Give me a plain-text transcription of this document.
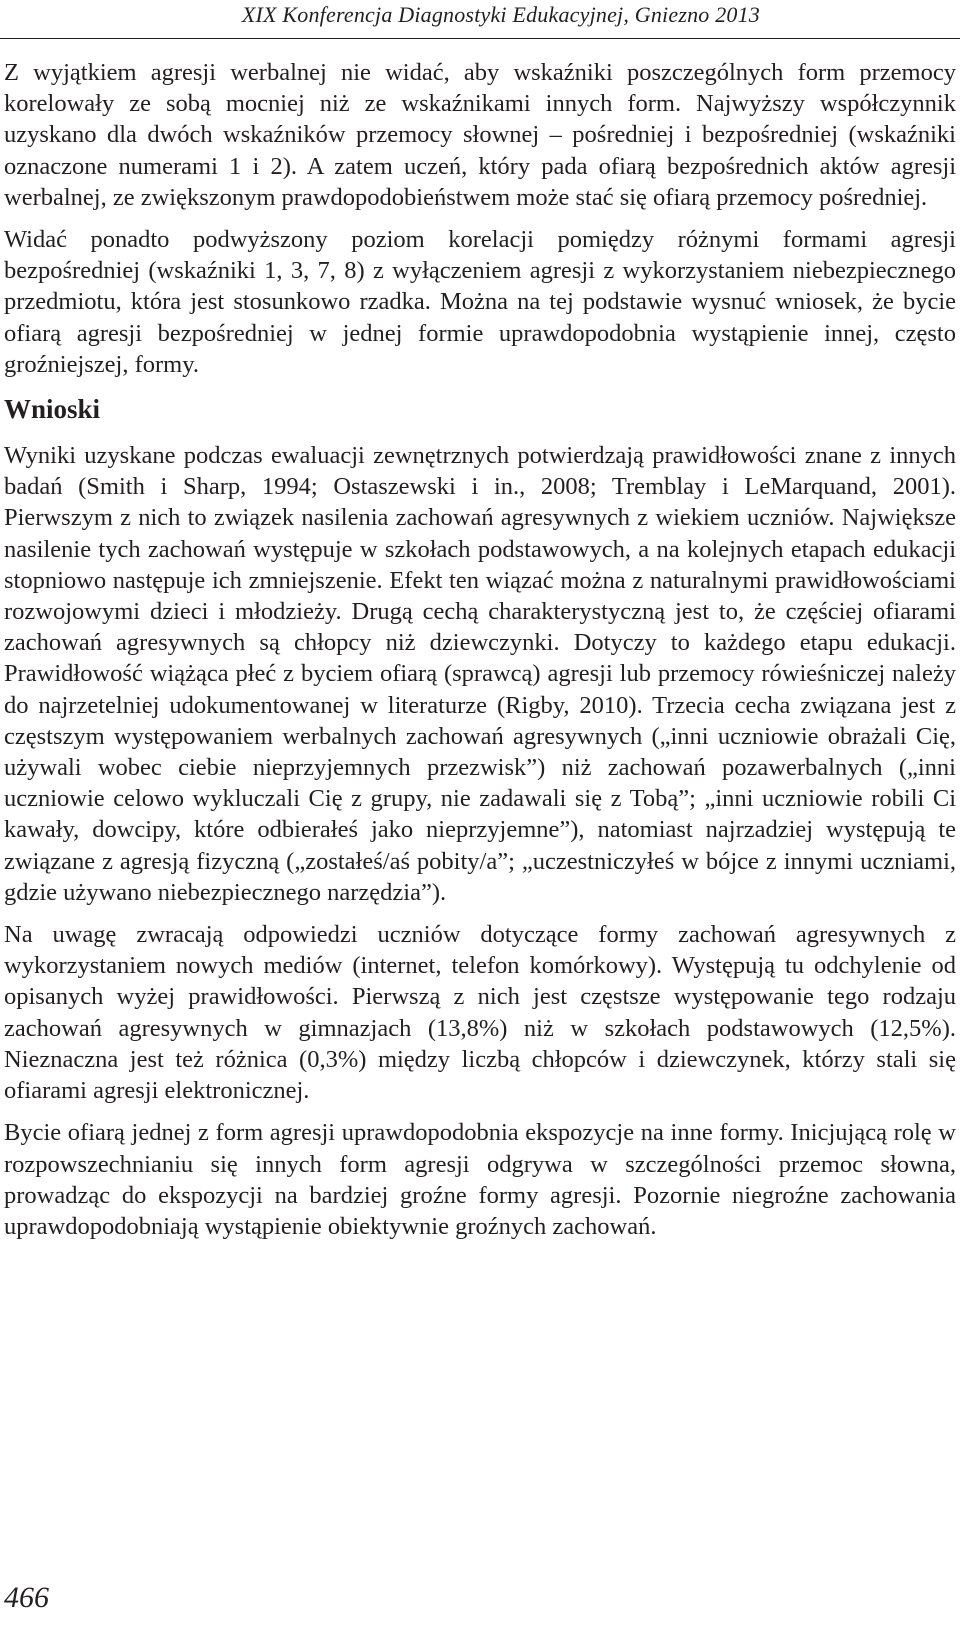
XIX Konferencja Diagnostyki Edukacyjnej, Gniezno 2013

Z wyjątkiem agresji werbalnej nie widać, aby wskaźniki poszczególnych form przemocy korelowały ze sobą mocniej niż ze wskaźnikami innych form. Najwyższy współczynnik uzyskano dla dwóch wskaźników przemocy słownej – pośredniej i bezpośredniej (wskaźniki oznaczone numerami 1 i 2). A zatem uczeń, który pada ofiarą bezpośrednich aktów agresji werbalnej, ze zwiększonym prawdopodobieństwem może stać się ofiarą przemocy pośredniej.

Widać ponadto podwyższony poziom korelacji pomiędzy różnymi formami agresji bezpośredniej (wskaźniki 1, 3, 7, 8) z wyłączeniem agresji z wykorzystaniem niebezpiecznego przedmiotu, która jest stosunkowo rzadka. Można na tej podstawie wysnuć wniosek, że bycie ofiarą agresji bezpośredniej w jednej formie uprawdopodobnia wystąpienie innej, często groźniejszej, formy.

Wnioski

Wyniki uzyskane podczas ewaluacji zewnętrznych potwierdzają prawidłowości znane z innych badań (Smith i Sharp, 1994; Ostaszewski i in., 2008; Tremblay i LeMarquand, 2001). Pierwszym z nich to związek nasilenia zachowań agresywnych z wiekiem uczniów. Największe nasilenie tych zachowań występuje w szkołach podstawowych, a na kolejnych etapach edukacji stopniowo następuje ich zmniejszenie. Efekt ten wiązać można z naturalnymi prawidłowościami rozwojowymi dzieci i młodzieży. Drugą cechą charakterystyczną jest to, że częściej ofiarami zachowań agresywnych są chłopcy niż dziewczynki. Dotyczy to każdego etapu edukacji. Prawidłowość wiążąca płeć z byciem ofiarą (sprawcą) agresji lub przemocy rówieśniczej należy do najrzetelniej udokumentowanej w literaturze (Rigby, 2010). Trzecia cecha związana jest z częstszym występowaniem werbalnych zachowań agresywnych („inni uczniowie obrażali Cię, używali wobec ciebie nieprzyjemnych przezwisk”) niż zachowań pozawerbalnych („inni uczniowie celowo wykluczali Cię z grupy, nie zadawali się z Tobą”; „inni uczniowie robili Ci kawały, dowcipy, które odbierałeś jako nieprzyjemne”), natomiast najrzadziej występują te związane z agresją fizyczną („zostałeś/aś pobity/a”; „uczestniczyłeś w bójce z innymi uczniami, gdzie używano niebezpiecznego narzędzia”).

Na uwagę zwracają odpowiedzi uczniów dotyczące formy zachowań agresywnych z wykorzystaniem nowych mediów (internet, telefon komórkowy). Występują tu odchylenie od opisanych wyżej prawidłowości. Pierwszą z nich jest częstsze występowanie tego rodzaju zachowań agresywnych w gimnazjach (13,8%) niż w szkołach podstawowych (12,5%). Nieznaczna jest też różnica (0,3%) między liczbą chłopców i dziewczynek, którzy stali się ofiarami agresji elektronicznej.

Bycie ofiarą jednej z form agresji uprawdopodobnia ekspozycje na inne formy. Inicjującą rolę w rozpowszechnianiu się innych form agresji odgrywa w szczególności przemoc słowna, prowadząc do ekspozycji na bardziej groźne formy agresji. Pozornie niegroźne zachowania uprawdopodobniają wystąpienie obiektywnie groźnych zachowań.

466
